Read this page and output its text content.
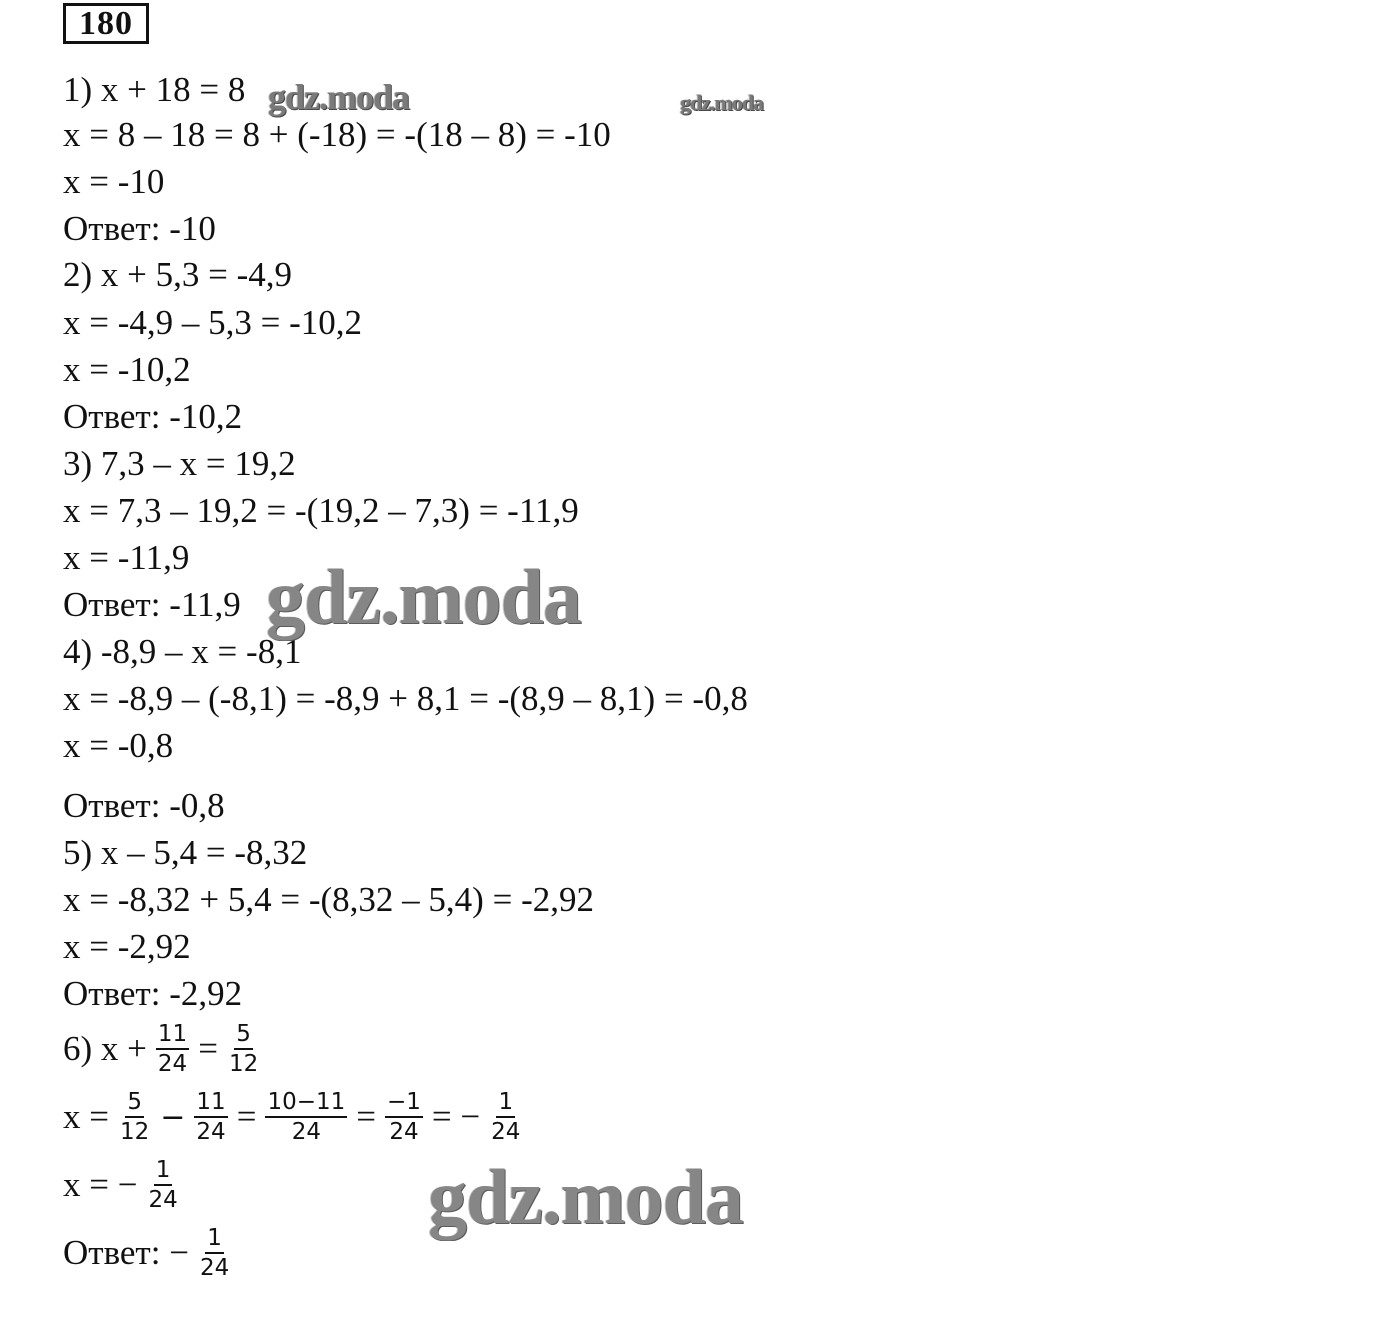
180
1) x + 18 = 8
x = 8 – 18 = 8 + (-18) = -(18 – 8) = -10
x = -10
Ответ: -10
2) x + 5,3 = -4,9
x = -4,9 – 5,3 = -10,2
x = -10,2
Ответ: -10,2
3) 7,3 – x = 19,2
x = 7,3 – 19,2 = -(19,2 – 7,3) = -11,9
x = -11,9
Ответ: -11,9
4) -8,9 – x = -8,1
x = -8,9 – (-8,1) = -8,9 + 8,1 = -(8,9 – 8,1) = -0,8
x = -0,8
Ответ: -0,8
5) x – 5,4 = -8,32
x = -8,32 + 5,4 = -(8,32 – 5,4) = -2,92
x = -2,92
Ответ: -2,92
6) $x + \frac{11}{24} = \frac{5}{12}$
$x = \frac{5}{12} - \frac{11}{24} = \frac{10-11}{24} = \frac{-1}{24}$ = − $\frac{1}{24}$
x = − $\frac{1}{24}$
Ответ: − $\frac{1}{24}$
gdz.moda	gdz.moda
gdz.moda
gdz.moda
